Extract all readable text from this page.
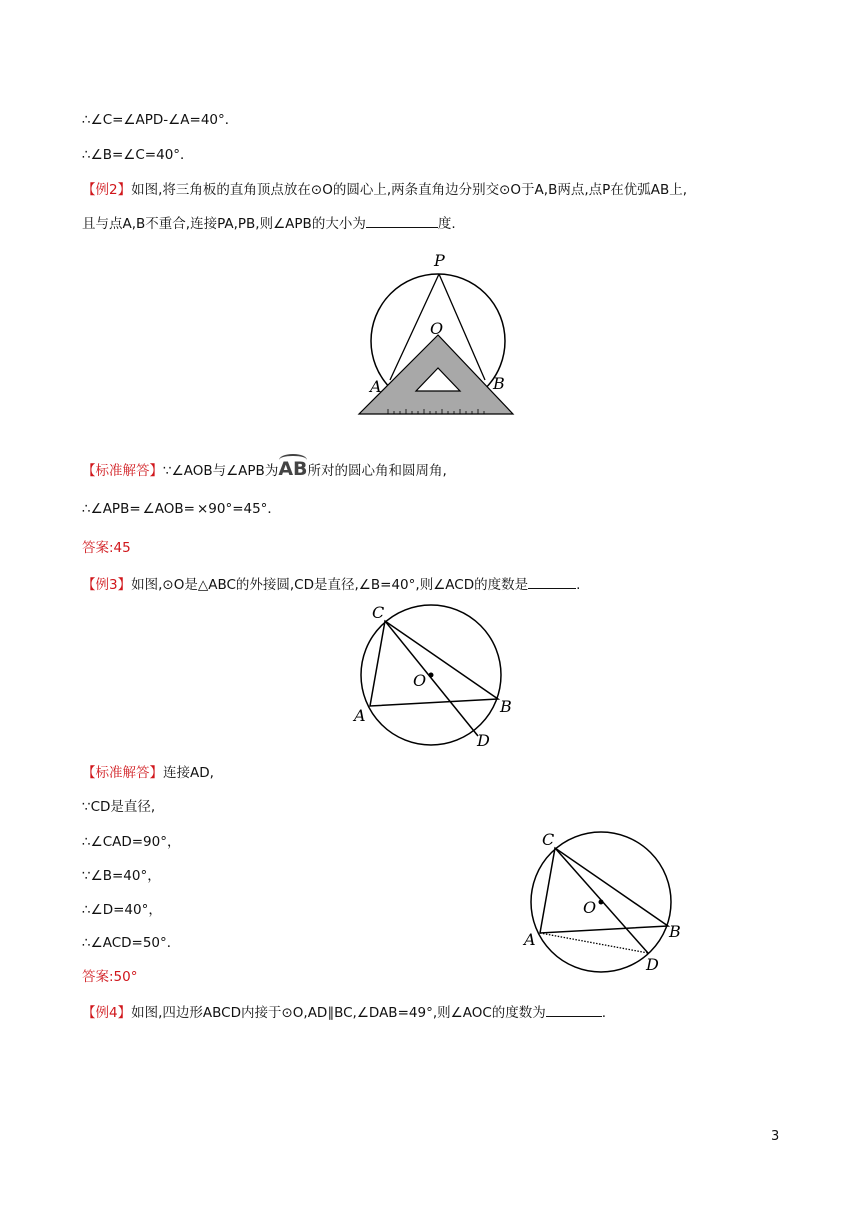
∴∠C=∠APD-∠A=40°．
∴∠B=∠C=40°．
【例2】如图,将三角板的直角顶点放在⊙O的圆心上,两条直角边分别交⊙O于A,B两点,点P在优弧AB上,
且与点A,B不重合,连接PA,PB,则∠APB的大小为	度.
P
O
A	B
【标准解答】∵∠AOB与∠APB为AB所对的圆心角和圆周角,
∴∠APB= ∠AOB= ×90°=45°．
答案:45
【例3】如图,⊙O是△ABC的外接圆,CD是直径,∠B=40°,则∠ACD的度数是	.
C
O
A	B
D
【标准解答】连接AD,
∵CD是直径,
∴∠CAD=90°，
∵∠B=40°，
∴∠D=40°，
∴∠ACD=50°．
答案:50°
C
O
A	B
D
【例4】如图,四边形ABCD内接于⊙O,AD∥BC,∠DAB=49°,则∠AOC的度数为	.
3
